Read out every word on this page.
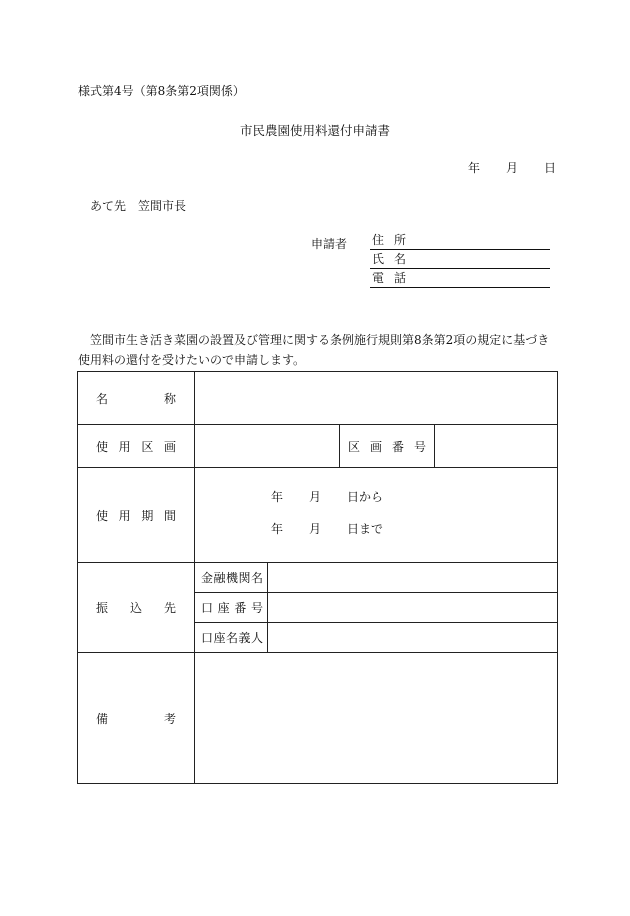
様式第4号（第8条第2項関係）
市民農園使用料還付申請書
年 月 日
あて先　笠間市長
申請者 住所
氏名
電話
笠間市生き活き菜園の設置及び管理に関する条例施行規則第8条第2項の規定に基づき使用料の還付を受けたいので申請します。
名称				
使用区画			区画番号	
使用期間	年 月 日から
年 月 日まで			

振込先	金融機関名			
	口座番号			
	口座名義人			
備考				
